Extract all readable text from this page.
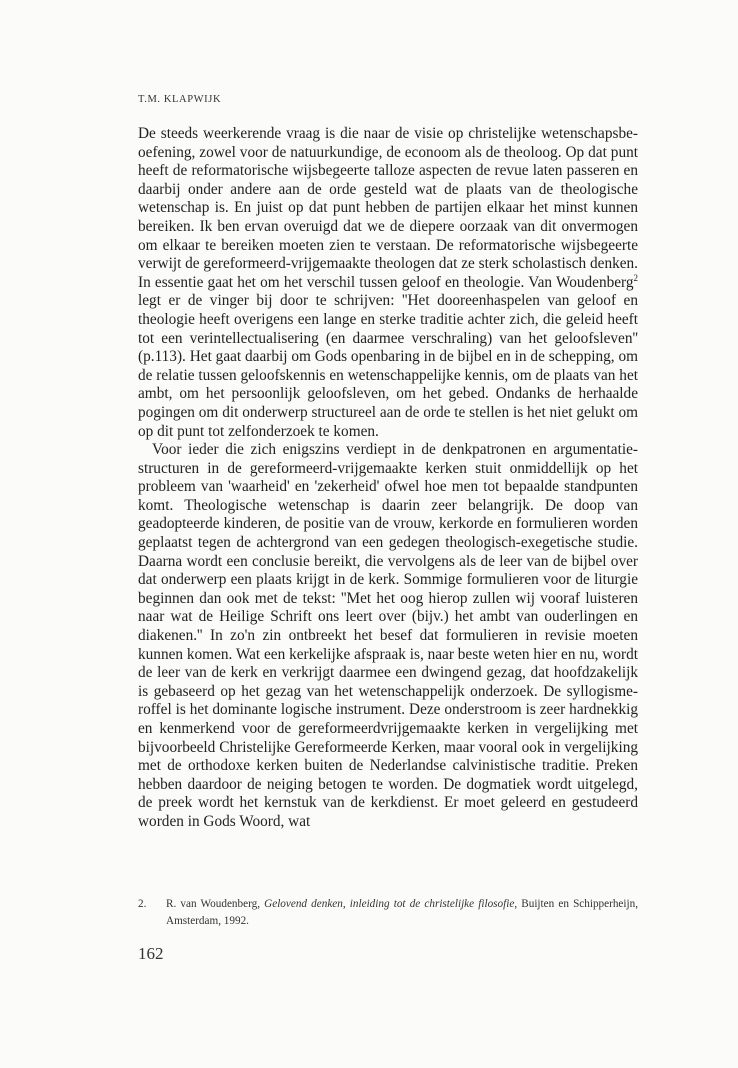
T.M. KLAPWIJK

De steeds weerkerende vraag is die naar de visie op christelijke wetenschapsbeoefening, zowel voor de natuurkundige, de econoom als de theoloog. Op dat punt heeft de reformatorische wijsbegeerte talloze aspecten de revue laten passeren en daarbij onder andere aan de orde gesteld wat de plaats van de theologische wetenschap is. En juist op dat punt hebben de partijen elkaar het minst kunnen bereiken. Ik ben ervan overuigd dat we de diepere oorzaak van dit onvermogen om elkaar te bereiken moeten zien te verstaan. De reformatorische wijsbegeerte verwijt de gereformeerd-vrijgemaakte theologen dat ze sterk scholastisch denken. In essentie gaat het om het verschil tussen geloof en theologie. Van Woudenberg$^2$ legt er de vinger bij door te schrijven: ''Het dooreenhaspelen van geloof en theologie heeft overigens een lange en sterke traditie achter zich, die geleid heeft tot een verintellectualisering (en daarmee verschraling) van het geloofsleven'' (p.113). Het gaat daarbij om Gods openbaring in de bijbel en in de schepping, om de relatie tussen geloofskennis en wetenschappelijke kennis, om de plaats van het ambt, om het persoonlijk geloofsleven, om het gebed. Ondanks de herhaalde pogingen om dit onderwerp structureel aan de orde te stellen is het niet gelukt om op dit punt tot zelfonderzoek te komen.

Voor ieder die zich enigszins verdiept in de denkpatronen en argumentatiestructuren in de gereformeerd-vrijgemaakte kerken stuit onmiddellijk op het probleem van 'waarheid' en 'zekerheid' ofwel hoe men tot bepaalde standpunten komt. Theologische wetenschap is daarin zeer belangrijk. De doop van geadopteerde kinderen, de positie van de vrouw, kerkorde en formulieren worden geplaatst tegen de achtergrond van een gedegen theologisch-exegetische studie. Daarna wordt een conclusie bereikt, die vervolgens als de leer van de bijbel over dat onderwerp een plaats krijgt in de kerk. Sommige formulieren voor de liturgie beginnen dan ook met de tekst: ''Met het oog hierop zullen wij vooraf luisteren naar wat de Heilige Schrift ons leert over (bijv.) het ambt van ouderlingen en diakenen.'' In zo'n zin ontbreekt het besef dat formulieren in revisie moeten kunnen komen. Wat een kerkelijke afspraak is, naar beste weten hier en nu, wordt de leer van de kerk en verkrijgt daarmee een dwingend gezag, dat hoofdzakelijk is gebaseerd op het gezag van het wetenschappelijk onderzoek. De syllogisme-roffel is het dominante logische instrument. Deze onderstroom is zeer hardnekkig en kenmerkend voor de gereformeerdvrijgemaakte kerken in vergelijking met bijvoorbeeld Christelijke Gereformeerde Kerken, maar vooral ook in vergelijking met de orthodoxe kerken buiten de Nederlandse calvinistische traditie. Preken hebben daardoor de neiging betogen te worden. De dogmatiek wordt uitgelegd, de preek wordt het kernstuk van de kerkdienst. Er moet geleerd en gestudeerd worden in Gods Woord, wat

2.	R. van Woudenberg, Gelovend denken, inleiding tot de christelijke filosofie, Buijten en Schipperheijn, Amsterdam, 1992.
162
